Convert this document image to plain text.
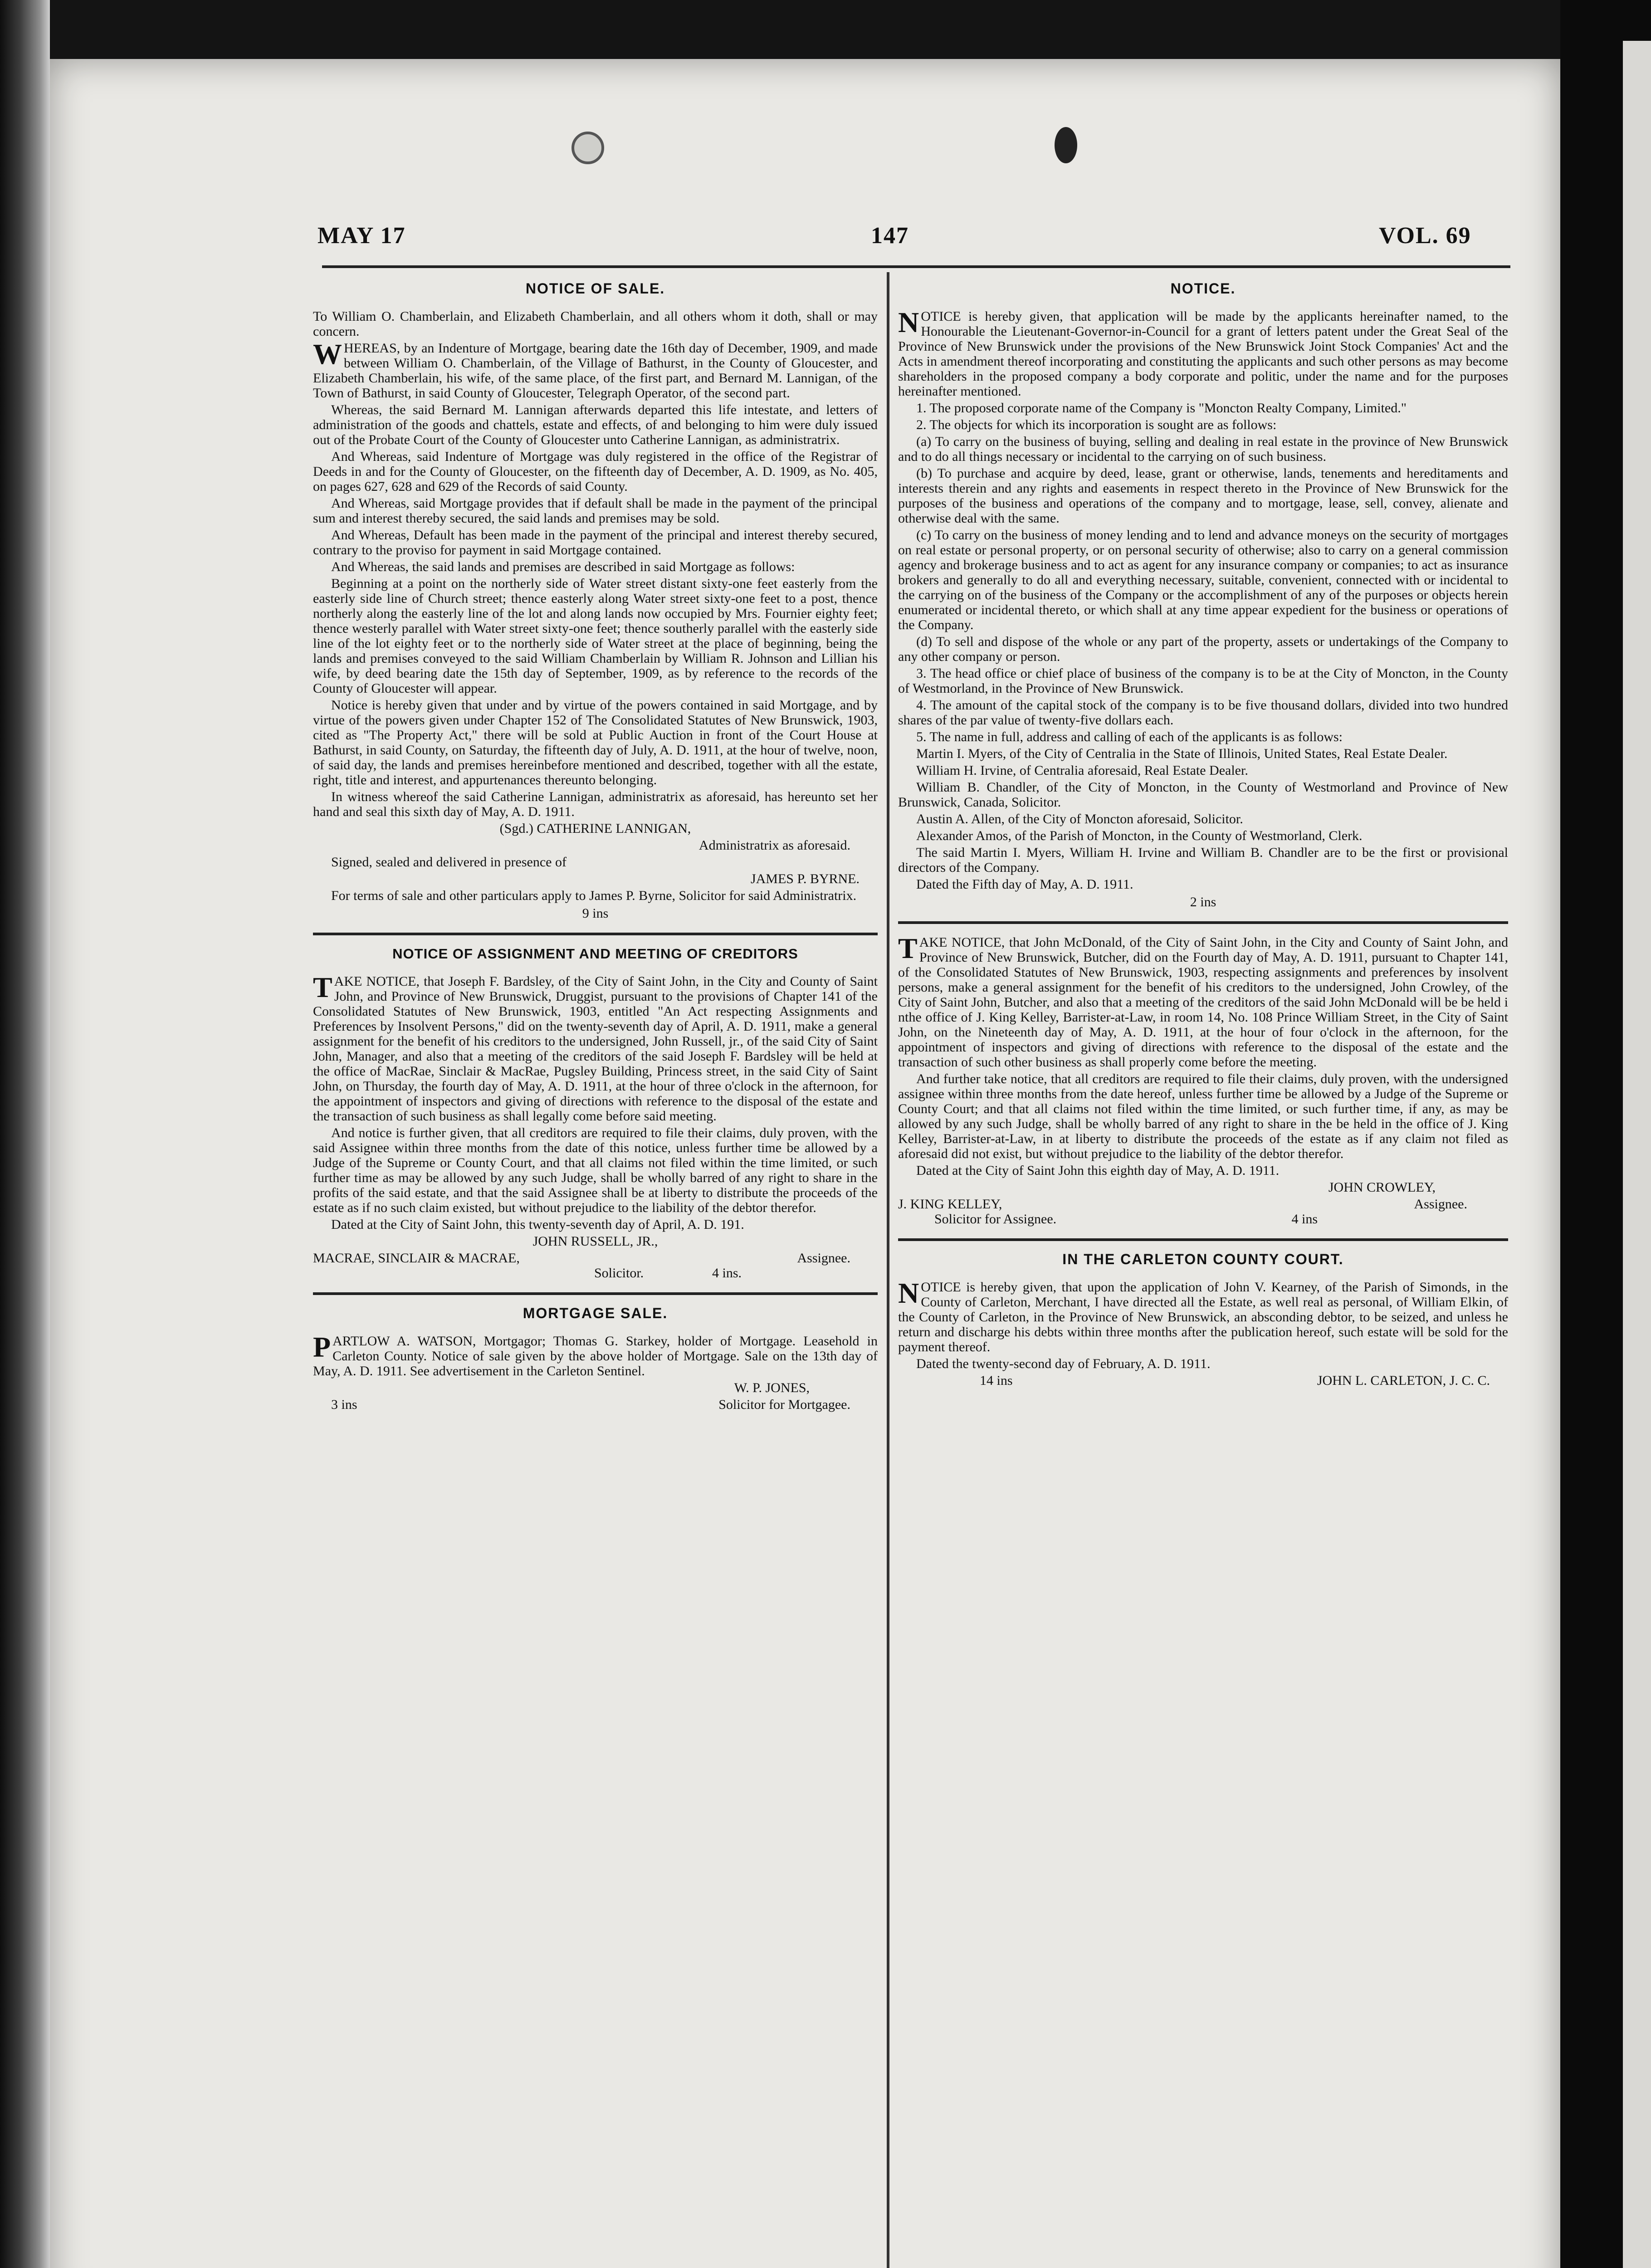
MAY 17	147	VOL. 69
NOTICE OF SALE.

To William O. Chamberlain, and Elizabeth Chamberlain, and all others whom it doth, shall or may concern.

WHEREAS, by an Indenture of Mortgage, bearing date the 16th day of December, 1909, and made between William O. Chamberlain, of the Village of Bathurst, in the County of Gloucester, and Elizabeth Chamberlain, his wife, of the same place, of the first part, and Bernard M. Lannigan, of the Town of Bathurst, in said County of Gloucester, Telegraph Operator, of the second part.

Whereas, the said Bernard M. Lannigan afterwards departed this life intestate, and letters of administration of the goods and chattels, estate and effects, of and belonging to him were duly issued out of the Probate Court of the County of Gloucester unto Catherine Lannigan, as administratrix.

And Whereas, said Indenture of Mortgage was duly registered in the office of the Registrar of Deeds in and for the County of Gloucester, on the fifteenth day of December, A. D. 1909, as No. 405, on pages 627, 628 and 629 of the Records of said County.

And Whereas, said Mortgage provides that if default shall be made in the payment of the principal sum and interest thereby secured, the said lands and premises may be sold.

And Whereas, Default has been made in the payment of the principal and interest thereby secured, contrary to the proviso for payment in said Mortgage contained.

And Whereas, the said lands and premises are described in said Mortgage as follows:

Beginning at a point on the northerly side of Water street distant sixty-one feet easterly from the easterly side line of Church street; thence easterly along Water street sixty-one feet to a post, thence northerly along the easterly line of the lot and along lands now occupied by Mrs. Fournier eighty feet; thence westerly parallel with Water street sixty-one feet; thence southerly parallel with the easterly side line of the lot eighty feet or to the northerly side of Water street at the place of beginning, being the lands and premises conveyed to the said William Chamberlain by William R. Johnson and Lillian his wife, by deed bearing date the 15th day of September, 1909, as by reference to the records of the County of Gloucester will appear.

Notice is hereby given that under and by virtue of the powers contained in said Mortgage, and by virtue of the powers given under Chapter 152 of The Consolidated Statutes of New Brunswick, 1903, cited as "The Property Act," there will be sold at Public Auction in front of the Court House at Bathurst, in said County, on Saturday, the fifteenth day of July, A. D. 1911, at the hour of twelve, noon, of said day, the lands and premises hereinbefore mentioned and described, together with all the estate, right, title and interest, and appurtenances thereunto belonging.

In witness whereof the said Catherine Lannigan, administratrix as aforesaid, has hereunto set her hand and seal this sixth day of May, A. D. 1911.

(Sgd.) CATHERINE LANNIGAN,
Administratrix as aforesaid.

Signed, sealed and delivered in presence of

JAMES P. BYRNE.

For terms of sale and other particulars apply to James P. Byrne, Solicitor for said Administratrix.

9 ins
NOTICE OF ASSIGNMENT AND MEETING OF CREDITORS

TAKE NOTICE, that Joseph F. Bardsley, of the City of Saint John, in the City and County of Saint John, and Province of New Brunswick, Druggist, pursuant to the provisions of Chapter 141 of the Consolidated Statutes of New Brunswick, 1903, entitled "An Act respecting Assignments and Preferences by Insolvent Persons," did on the twenty-seventh day of April, A. D. 1911, make a general assignment for the benefit of his creditors to the undersigned, John Russell, jr., of the said City of Saint John, Manager, and also that a meeting of the creditors of the said Joseph F. Bardsley will be held at the office of MacRae, Sinclair & MacRae, Pugsley Building, Princess street, in the said City of Saint John, on Thursday, the fourth day of May, A. D. 1911, at the hour of three o'clock in the afternoon, for the appointment of inspectors and giving of directions with reference to the disposal of the estate and the transaction of such business as shall legally come before said meeting.

And notice is further given, that all creditors are required to file their claims, duly proven, with the said Assignee within three months from the date of this notice, unless further time be allowed by a Judge of the Supreme or County Court, and that all claims not filed within the time limited, or such further time as may be allowed by any such Judge, shall be wholly barred of any right to share in the profits of the said estate, and that the said Assignee shall be at liberty to distribute the proceeds of the estate as if no such claim existed, but without prejudice to the liability of the debtor therefor.

Dated at the City of Saint John, this twenty-seventh day of April, A. D. 191.

JOHN RUSSELL, JR.,
MACRAE, SINCLAIR & MACRAE,	Assignee.
Solicitor.	4 ins.
MORTGAGE SALE.

PARTLOW A. WATSON, Mortgagor; Thomas G. Starkey, holder of Mortgage. Leasehold in Carleton County. Notice of sale given by the above holder of Mortgage. Sale on the 13th day of May, A. D. 1911. See advertisement in the Carleton Sentinel.

W. P. JONES,
3 ins	Solicitor for Mortgagee.
NOTICE.

NOTICE is hereby given, that application will be made by the applicants hereinafter named, to the Honourable the Lieutenant-Governor-in-Council for a grant of letters patent under the Great Seal of the Province of New Brunswick under the provisions of the New Brunswick Joint Stock Companies' Act and the Acts in amendment thereof incorporating and constituting the applicants and such other persons as may become shareholders in the proposed company a body corporate and politic, under the name and for the purposes hereinafter mentioned.

1. The proposed corporate name of the Company is "Moncton Realty Company, Limited."

2. The objects for which its incorporation is sought are as follows:

(a) To carry on the business of buying, selling and dealing in real estate in the province of New Brunswick and to do all things necessary or incidental to the carrying on of such business.

(b) To purchase and acquire by deed, lease, grant or otherwise, lands, tenements and hereditaments and interests therein and any rights and easements in respect thereto in the Province of New Brunswick for the purposes of the business and operations of the company and to mortgage, lease, sell, convey, alienate and otherwise deal with the same.

(c) To carry on the business of money lending and to lend and advance moneys on the security of mortgages on real estate or personal property, or on personal security of otherwise; also to carry on a general commission agency and brokerage business and to act as agent for any insurance company or companies; to act as insurance brokers and generally to do all and everything necessary, suitable, convenient, connected with or incidental to the carrying on of the business of the Company or the accomplishment of any of the purposes or objects herein enumerated or incidental thereto, or which shall at any time appear expedient for the business or operations of the Company.

(d) To sell and dispose of the whole or any part of the property, assets or undertakings of the Company to any other company or person.

3. The head office or chief place of business of the company is to be at the City of Moncton, in the County of Westmorland, in the Province of New Brunswick.

4. The amount of the capital stock of the company is to be five thousand dollars, divided into two hundred shares of the par value of twenty-five dollars each.

5. The name in full, address and calling of each of the applicants is as follows:

Martin I. Myers, of the City of Centralia in the State of Illinois, United States, Real Estate Dealer.

William H. Irvine, of Centralia aforesaid, Real Estate Dealer.

William B. Chandler, of the City of Moncton, in the County of Westmorland and Province of New Brunswick, Canada, Solicitor.

Austin A. Allen, of the City of Moncton aforesaid, Solicitor.

Alexander Amos, of the Parish of Moncton, in the County of Westmorland, Clerk.

The said Martin I. Myers, William H. Irvine and William B. Chandler are to be the first or provisional directors of the Company.

Dated the Fifth day of May, A. D. 1911.

2 ins

TAKE NOTICE, that John McDonald, of the City of Saint John, in the City and County of Saint John, and Province of New Brunswick, Butcher, did on the Fourth day of May, A. D. 1911, pursuant to Chapter 141, of the Consolidated Statutes of New Brunswick, 1903, respecting assignments and preferences by insolvent persons, make a general assignment for the benefit of his creditors to the undersigned, John Crowley, of the City of Saint John, Butcher, and also that a meeting of the creditors of the said John McDonald will be be held i nthe office of J. King Kelley, Barrister-at-Law, in room 14, No. 108 Prince William Street, in the City of Saint John, on the Nineteenth day of May, A. D. 1911, at the hour of four o'clock in the afternoon, for the appointment of inspectors and giving of directions with reference to the disposal of the estate and the transaction of such other business as shall properly come before the meeting.

And further take notice, that all creditors are required to file their claims, duly proven, with the undersigned assignee within three months from the date hereof, unless further time be allowed by a Judge of the Supreme or County Court; and that all claims not filed within the time limited, or such further time, if any, as may be allowed by any such Judge, shall be wholly barred of any right to share in the be held in the office of J. King Kelley, Barrister-at-Law, in at liberty to distribute the proceeds of the estate as if any claim not filed as aforesaid did not exist, but without prejudice to the liability of the debtor therefor.

Dated at the City of Saint John this eighth day of May, A. D. 1911.

JOHN CROWLEY,
J. KING KELLEY,	Assignee.
Solicitor for Assignee.	4 ins
IN THE CARLETON COUNTY COURT.

NOTICE is hereby given, that upon the application of John V. Kearney, of the Parish of Simonds, in the County of Carleton, Merchant, I have directed all the Estate, as well real as personal, of William Elkin, of the County of Carleton, in the Province of New Brunswick, an absconding debtor, to be seized, and unless he return and discharge his debts within three months after the publication hereof, such estate will be sold for the payment thereof.

Dated the twenty-second day of February, A. D. 1911.

14 ins	JOHN L. CARLETON, J. C. C.
